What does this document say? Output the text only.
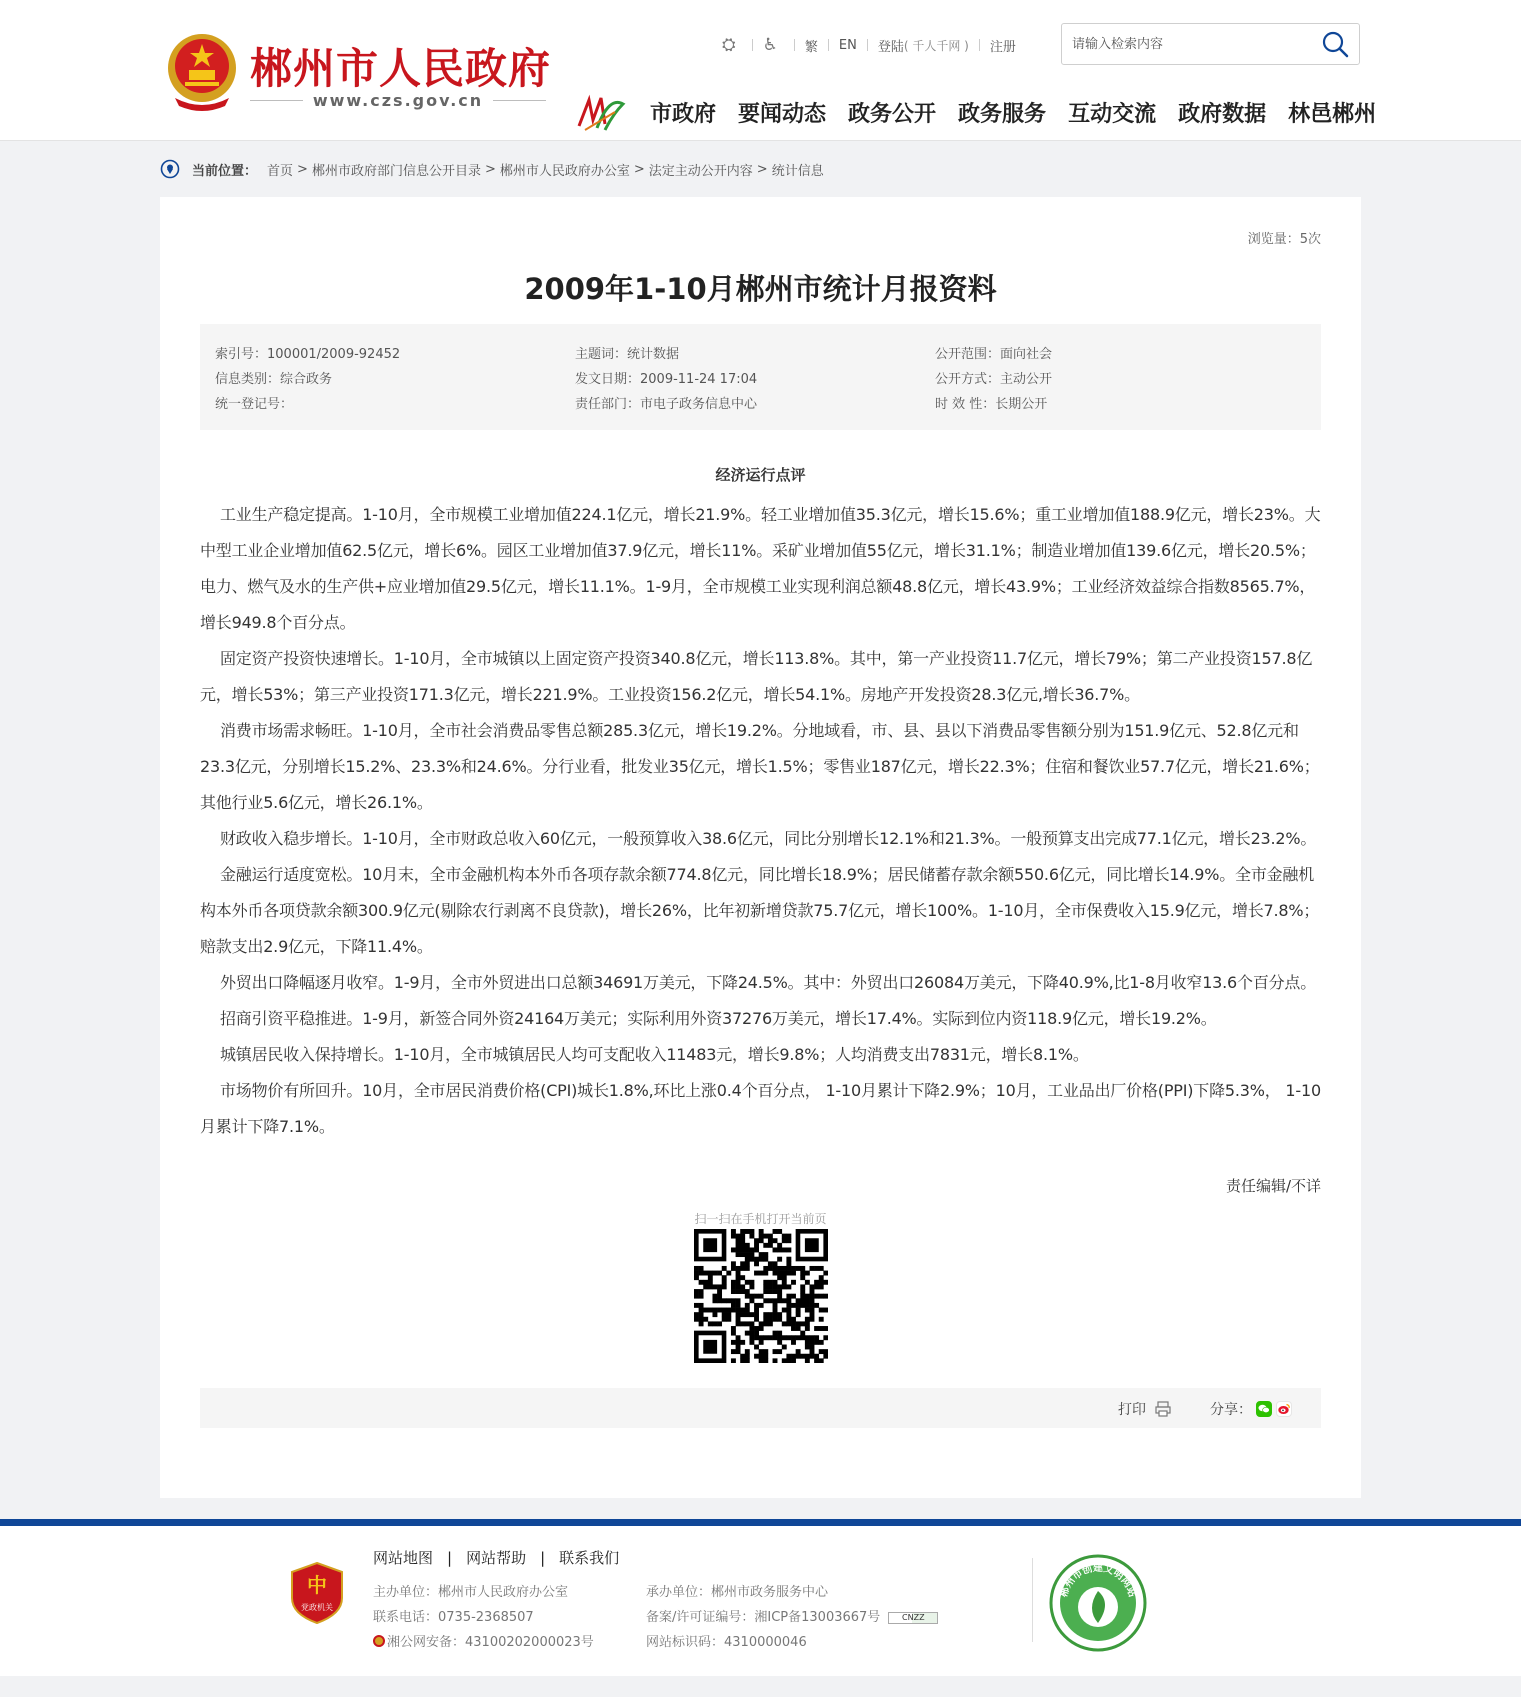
郴州市人民政府
www.czs.gov.cn
⛭ ♿ 繁 EN 登陆 ( 千人千网 ) 注册
请输入检索内容
市政府 要闻动态 政务公开 政务服务 互动交流 政府数据 林邑郴州
当前位置： 首页 > 郴州市政府部门信息公开目录 > 郴州市人民政府办公室 > 法定主动公开内容 > 统计信息
浏览量：5次
2009年1-10月郴州市统计月报资料
索引号：100001/2009-92452
信息类别：综合政务
统一登记号：
主题词：统计数据
发文日期：2009-11-24 17:04
责任部门：市电子政务信息中心
公开范围：面向社会
公开方式：主动公开
时 效 性：长期公开
经济运行点评

工业生产稳定提高。1-10月，全市规模工业增加值224.1亿元，增长21.9%。轻工业增加值35.3亿元，增长15.6%；重工业增加值188.9亿元，增长23%。大中型工业企业增加值62.5亿元，增长6%。园区工业增加值37.9亿元，增长11%。采矿业增加值55亿元，增长31.1%；制造业增加值139.6亿元，增长20.5%；电力、燃气及水的生产供+应业增加值29.5亿元，增长11.1%。1-9月，全市规模工业实现利润总额48.8亿元，增长43.9%；工业经济效益综合指数8565.7%，增长949.8个百分点。

固定资产投资快速增长。1-10月，全市城镇以上固定资产投资340.8亿元，增长113.8%。其中，第一产业投资11.7亿元，增长79%；第二产业投资157.8亿元，增长53%；第三产业投资171.3亿元，增长221.9%。工业投资156.2亿元，增长54.1%。房地产开发投资28.3亿元,增长36.7%。

消费市场需求畅旺。1-10月，全市社会消费品零售总额285.3亿元，增长19.2%。分地域看，市、县、县以下消费品零售额分别为151.9亿元、52.8亿元和23.3亿元，分别增长15.2%、23.3%和24.6%。分行业看，批发业35亿元，增长1.5%；零售业187亿元，增长22.3%；住宿和餐饮业57.7亿元，增长21.6%；其他行业5.6亿元，增长26.1%。

财政收入稳步增长。1-10月，全市财政总收入60亿元，一般预算收入38.6亿元，同比分别增长12.1%和21.3%。一般预算支出完成77.1亿元，增长23.2%。

金融运行适度宽松。10月末，全市金融机构本外币各项存款余额774.8亿元，同比增长18.9%；居民储蓄存款余额550.6亿元，同比增长14.9%。全市金融机构本外币各项贷款余额300.9亿元(剔除农行剥离不良贷款)，增长26%，比年初新增贷款75.7亿元，增长100%。1-10月，全市保费收入15.9亿元，增长7.8%；赔款支出2.9亿元，下降11.4%。

外贸出口降幅逐月收窄。1-9月，全市外贸进出口总额34691万美元，下降24.5%。其中：外贸出口26084万美元，下降40.9%,比1-8月收窄13.6个百分点。

招商引资平稳推进。1-9月，新签合同外资24164万美元；实际利用外资37276万美元，增长17.4%。实际到位内资118.9亿元，增长19.2%。

城镇居民收入保持增长。1-10月，全市城镇居民人均可支配收入11483元，增长9.8%；人均消费支出7831元，增长8.1%。

市场物价有所回升。10月，全市居民消费价格(CPI)城长1.8%,环比上涨0.4个百分点， 1-10月累计下降2.9%；10月，工业品出厂价格(PPI)下降5.3%， 1-10月累计下降7.1%。

责任编辑/不详
扫一扫在手机打开当前页
打印	分享：
中
党政机关
网站地图 | 网站帮助 | 联系我们
主办单位：郴州市人民政府办公室
联系电话：0735-2368507
湘公网安备：43100202000023号
承办单位：郴州市政务服务中心
备案/许可证编号：湘ICP备13003667号	CNZZ
网站标识码：4310000046
郴州市创建文明网站
